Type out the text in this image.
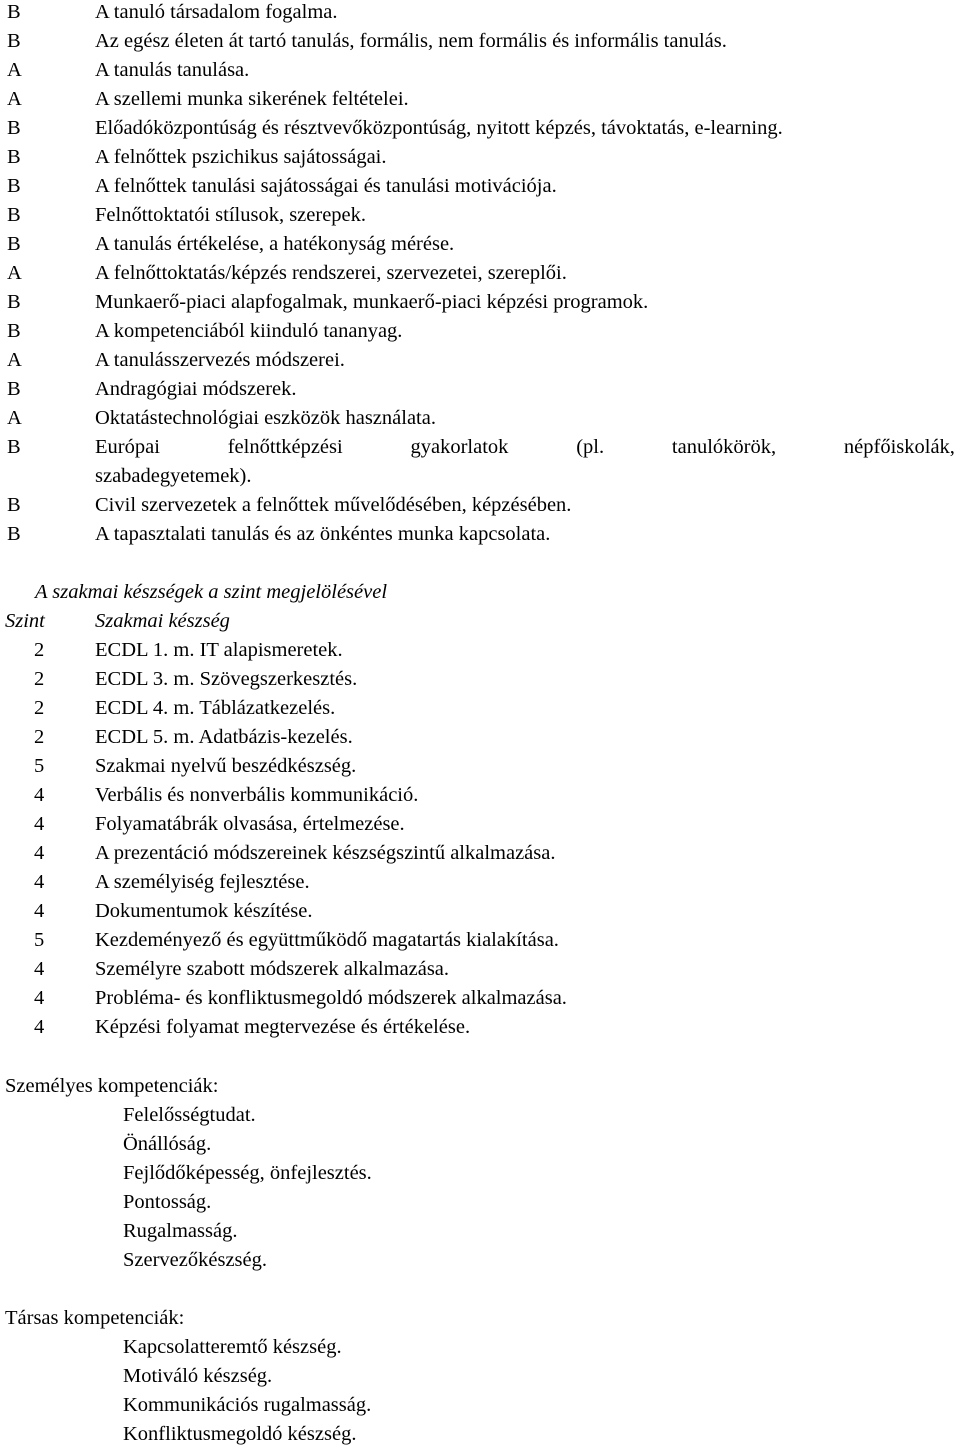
B	A tanuló társadalom fogalma.
B	Az egész életen át tartó tanulás, formális, nem formális és informális tanulás.
A	A tanulás tanulása.
A	A szellemi munka sikerének feltételei.
B	Előadóközpontúság és résztvevőközpontúság, nyitott képzés, távoktatás, e-learning.
B	A felnőttek pszichikus sajátosságai.
B	A felnőttek tanulási sajátosságai és tanulási motivációja.
B	Felnőttoktatói stílusok, szerepek.
B	A tanulás értékelése, a hatékonyság mérése.
A	A felnőttoktatás/képzés rendszerei, szervezetei, szereplői.
B	Munkaerő-piaci alapfogalmak, munkaerő-piaci képzési programok.
B	A kompetenciából kiinduló tananyag.
A	A tanulásszervezés módszerei.
B	Andragógiai módszerek.
A	Oktatástechnológiai eszközök használata.
B	Európai	felnőttképzési	gyakorlatok	(pl.	tanulókörök,	népfőiskolák,
szabadegyetemek).
B	Civil szervezetek a felnőttek művelődésében, képzésében.
B	A tapasztalati tanulás és az önkéntes munka kapcsolata.
A szakmai készségek a szint megjelölésével
Szint Szakmai készség
2	ECDL 1. m. IT alapismeretek.
2	ECDL 3. m. Szövegszerkesztés.
2	ECDL 4. m. Táblázatkezelés.
2	ECDL 5. m. Adatbázis-kezelés.
5	Szakmai nyelvű beszédkészség.
4	Verbális és nonverbális kommunikáció.
4	Folyamatábrák olvasása, értelmezése.
4	A prezentáció módszereinek készségszintű alkalmazása.
4	A személyiség fejlesztése.
4	Dokumentumok készítése.
5	Kezdeményező és együttműködő magatartás kialakítása.
4	Személyre szabott módszerek alkalmazása.
4	Probléma- és konfliktusmegoldó módszerek alkalmazása.
4	Képzési folyamat megtervezése és értékelése.
Személyes kompetenciák:
Felelősségtudat.
Önállóság.
Fejlődőképesség, önfejlesztés.
Pontosság.
Rugalmasság.
Szervezőkészség.
Társas kompetenciák:
Kapcsolatteremtő készség.
Motiváló készség.
Kommunikációs rugalmasság.
Konfliktusmegoldó készség.
